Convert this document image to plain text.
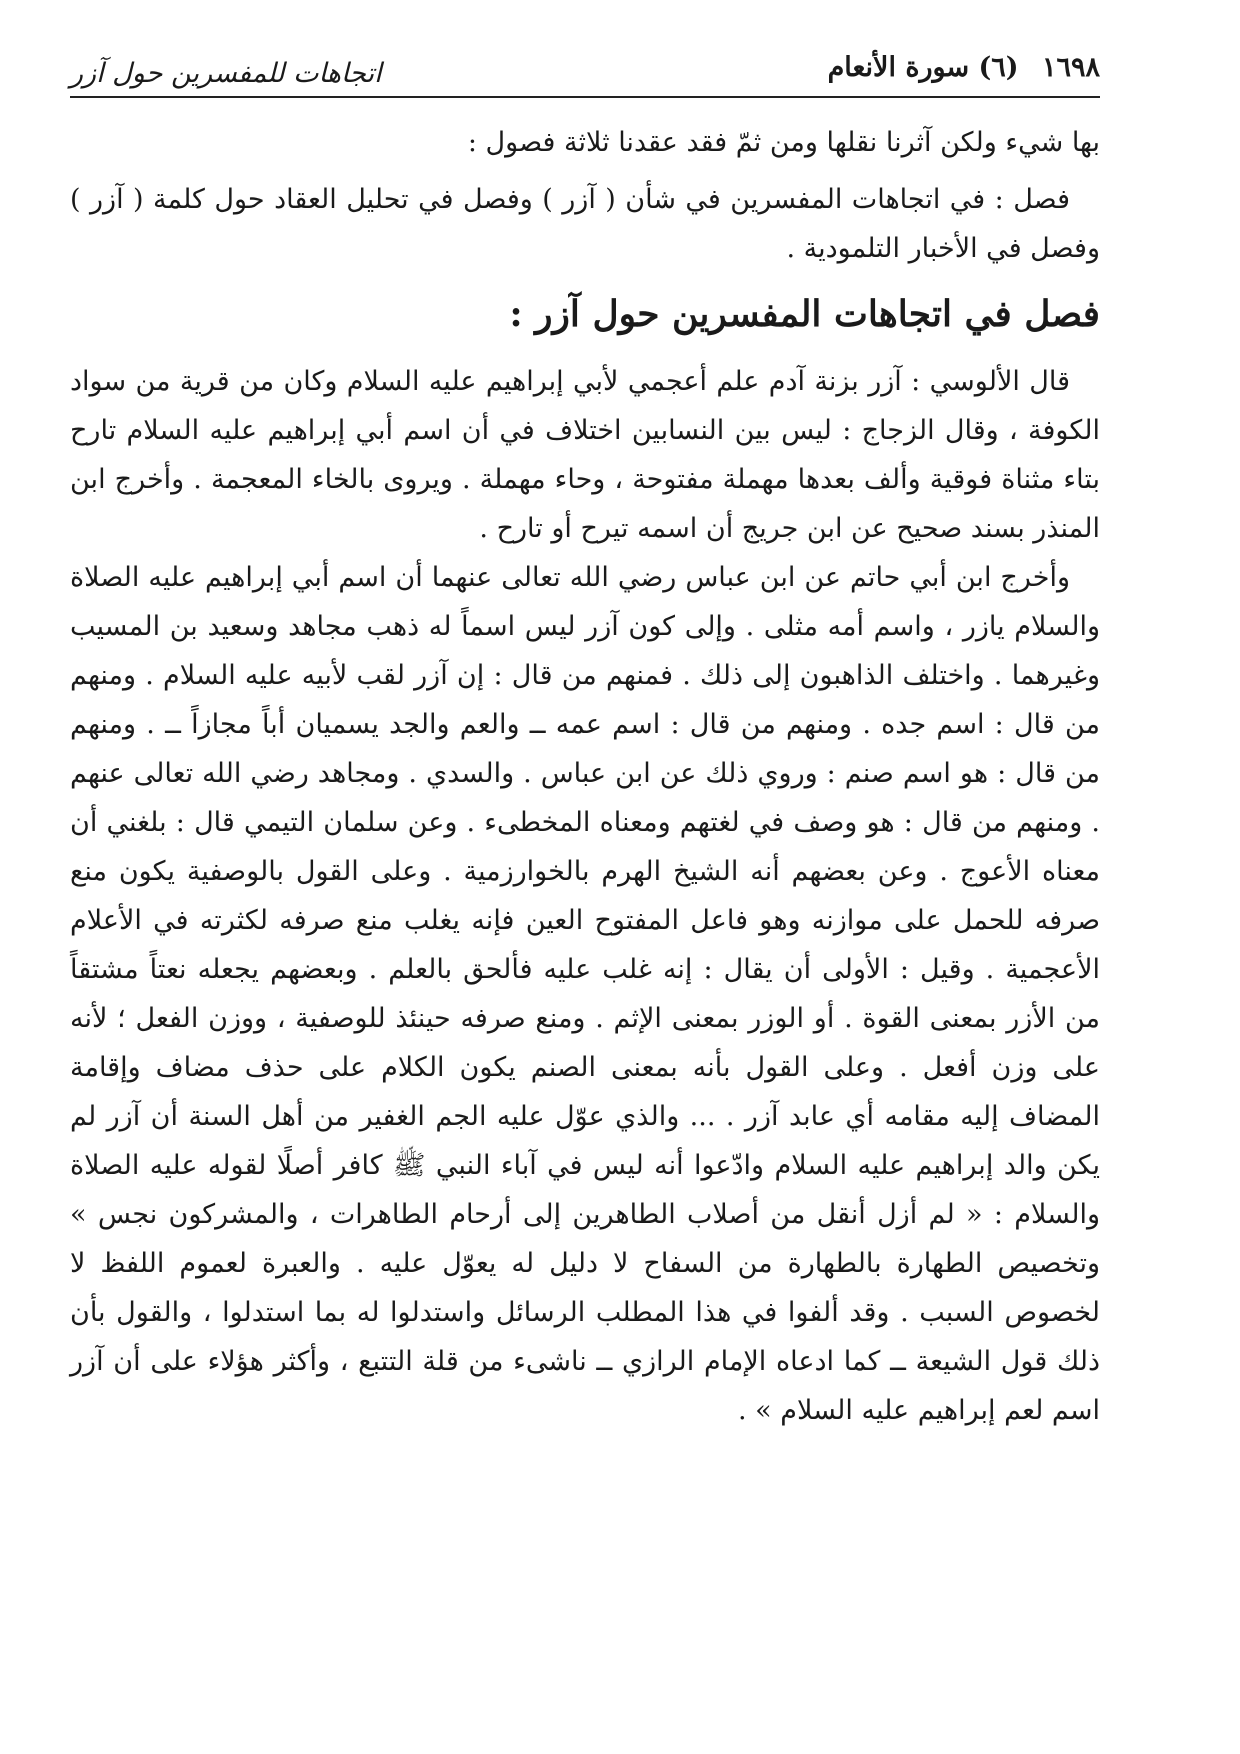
١٦٩٨ (٦) سورة الأنعام
اتجاهات للمفسرين حول آزر

بها شيء ولكن آثرنا نقلها ومن ثمّ فقد عقدنا ثلاثة فصول :

فصل : في اتجاهات المفسرين في شأن ( آزر ) وفصل في تحليل العقاد حول كلمة ( آزر ) وفصل في الأخبار التلمودية .

فصل في اتجاهات المفسرين حول آزر :

قال الألوسي : آزر بزنة آدم علم أعجمي لأبي إبراهيم عليه السلام وكان من قرية من سواد الكوفة ، وقال الزجاج : ليس بين النسابين اختلاف في أن اسم أبي إبراهيم عليه السلام تارح بتاء مثناة فوقية وألف بعدها مهملة مفتوحة ، وحاء مهملة . ويروى بالخاء المعجمة . وأخرج ابن المنذر بسند صحيح عن ابن جريج أن اسمه تيرح أو تارح .

وأخرج ابن أبي حاتم عن ابن عباس رضي الله تعالى عنهما أن اسم أبي إبراهيم عليه الصلاة والسلام يازر ، واسم أمه مثلى . وإلى كون آزر ليس اسماً له ذهب مجاهد وسعيد بن المسيب وغيرهما . واختلف الذاهبون إلى ذلك . فمنهم من قال : إن آزر لقب لأبيه عليه السلام . ومنهم من قال : اسم جده . ومنهم من قال : اسم عمه ــ والعم والجد يسميان أباً مجازاً ــ . ومنهم من قال : هو اسم صنم : وروي ذلك عن ابن عباس . والسدي . ومجاهد رضي الله تعالى عنهم . ومنهم من قال : هو وصف في لغتهم ومعناه المخطىء . وعن سلمان التيمي قال : بلغني أن معناه الأعوج . وعن بعضهم أنه الشيخ الهرم بالخوارزمية . وعلى القول بالوصفية يكون منع صرفه للحمل على موازنه وهو فاعل المفتوح العين فإنه يغلب منع صرفه لكثرته في الأعلام الأعجمية . وقيل : الأولى أن يقال : إنه غلب عليه فألحق بالعلم . وبعضهم يجعله نعتاً مشتقاً من الأزر بمعنى القوة . أو الوزر بمعنى الإثم . ومنع صرفه حينئذ للوصفية ، ووزن الفعل ؛ لأنه على وزن أفعل . وعلى القول بأنه بمعنى الصنم يكون الكلام على حذف مضاف وإقامة المضاف إليه مقامه أي عابد آزر . ... والذي عوّل عليه الجم الغفير من أهل السنة أن آزر لم يكن والد إبراهيم عليه السلام وادّعوا أنه ليس في آباء النبي ﷺ كافر أصلًا لقوله عليه الصلاة والسلام : « لم أزل أنقل من أصلاب الطاهرين إلى أرحام الطاهرات ، والمشركون نجس » وتخصيص الطهارة بالطهارة من السفاح لا دليل له يعوّل عليه . والعبرة لعموم اللفظ لا لخصوص السبب . وقد ألفوا في هذا المطلب الرسائل واستدلوا له بما استدلوا ، والقول بأن ذلك قول الشيعة ــ كما ادعاه الإمام الرازي ــ ناشىء من قلة التتبع ، وأكثر هؤلاء على أن آزر اسم لعم إبراهيم عليه السلام » .
